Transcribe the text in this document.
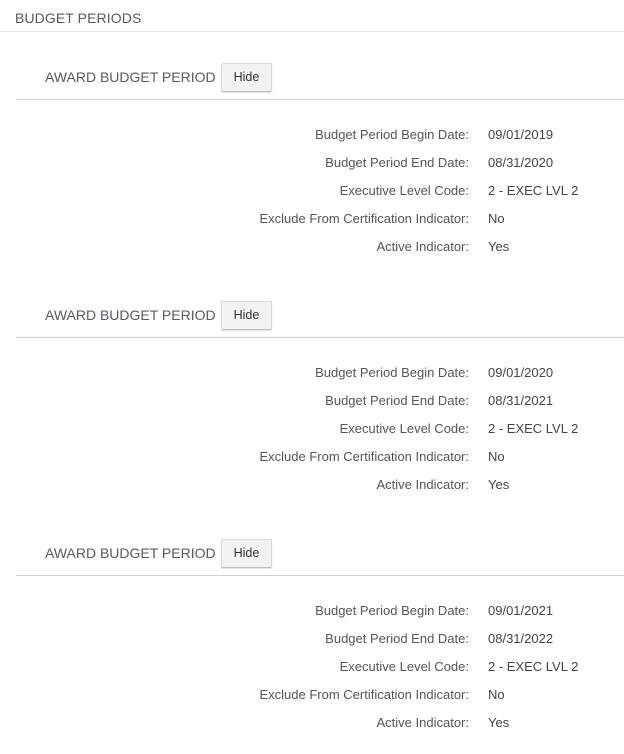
BUDGET PERIODS
AWARD BUDGET PERIOD	Hide
Budget Period Begin Date: 09/01/2019
Budget Period End Date: 08/31/2020
Executive Level Code: 2 - EXEC LVL 2
Exclude From Certification Indicator: No
Active Indicator: Yes
AWARD BUDGET PERIOD	Hide
Budget Period Begin Date: 09/01/2020
Budget Period End Date: 08/31/2021
Executive Level Code: 2 - EXEC LVL 2
Exclude From Certification Indicator: No
Active Indicator: Yes
AWARD BUDGET PERIOD	Hide
Budget Period Begin Date: 09/01/2021
Budget Period End Date: 08/31/2022
Executive Level Code: 2 - EXEC LVL 2
Exclude From Certification Indicator: No
Active Indicator: Yes
